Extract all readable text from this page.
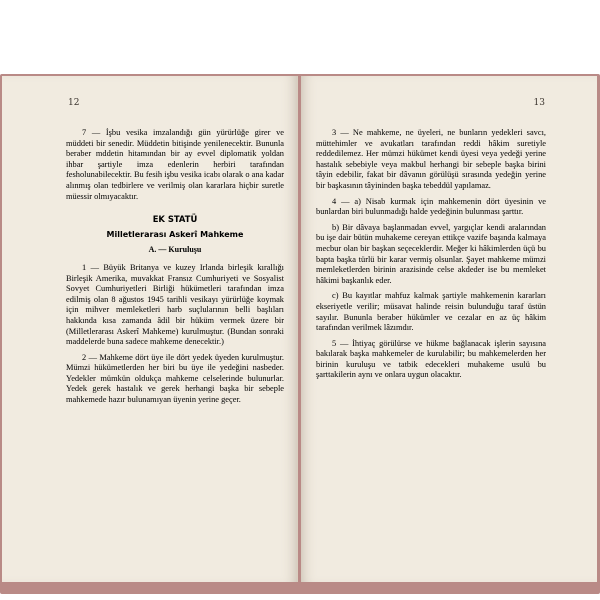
12	13

7 — İşbu vesika imzalandığı gün yürürlüğe girer ve müddeti bir senedir. Müddetin bitişinde yenilenecektir. Bununla beraber mddetin hitamından bir ay evvel diplomatik yoldan ihbar şartiyle imza edenlerin herbiri tarafından fesholunabilecektir. Bu fesih işbu vesika icabı olarak o ana kadar alınmış olan tedbirlere ve verilmiş olan kararlara hiçbir suretle müessir olmıyacaktır.

EK STATÜ
Milletlerarası Askerî Mahkeme
A. — Kuruluşu

1 — Büyük Britanya ve kuzey Irlanda birleşik kırallığı Birleşik Amerika, muvakkat Fransız Cumhuriyeti ve Sosyalist Sovyet Cumhuriyetleri Birliği hükümetleri tarafından imza edilmiş olan 8 ağustos 1945 tarihli vesikayı yürürlüğe koymak için mihver memleketleri harb suçlularının belli başlıları hakkında kısa zamanda âdil bir hüküm vermek üzere bir (Milletlerarası Askerî Mahkeme) kurulmuştur. (Bundan sonraki maddelerde buna sadece mahkeme denecektir.)

2 — Mahkeme dört üye ile dört yedek üyeden kurulmuştur. Mümzi hükümetlerden her biri bu üye ile yedeğini nasbeder. Yedekler mümkün oldukça mahkeme celselerinde bulunurlar. Yedek gerek hastalık ve gerek herhangi başka bir sebeple mahkemede hazır bulunamıyan üyenin yerine geçer.

3 — Ne mahkeme, ne üyeleri, ne bunların yedekleri savcı, müttehimler ve avukatları tarafından reddi hâkim suretiyle reddedilemez. Her mümzi hükümet kendi üyesi veya yedeği yerine hastalık sebebiyle veya makbul herhangi bir sebeple başka birini tâyin edebilir, fakat bir dâvanın görülüşü sırasında yedeğin yerine bir başkasının tâyininden başka tebeddül yapılamaz.

4 — a) Nisab kurmak için mahkemenin dört üyesinin ve bunlardan biri bulunmadığı halde yedeğinin bulunması şarttır.

b) Bir dâvaya başlanmadan evvel, yargıçlar kendi aralarından bu işe dair bütün muhakeme cereyan ettikçe vazife başında kalmaya mecbur olan bir başkan seçeceklerdir. Meğer ki hâkimlerden üçü bu bapta başka türlü bir karar vermiş olsunlar. Şayet mahkeme mümzi memleketlerden birinin arazisinde celse akdeder ise bu memleket hâkimi başkanlık eder.

c) Bu kayıtlar mahfuz kalmak şartiyle mahkemenin kararları ekseriyetle verilir; müsavat halinde reisin bulunduğu taraf üstün sayılır. Bununla beraber hükümler ve cezalar en az üç hâkim tarafından verilmek lâzımdır.

5 — İhtiyaç görülürse ve hükme bağlanacak işlerin sayısına bakılarak başka mahkemeler de kurulabilir; bu mahkemelerden her birinin kuruluşu ve tatbik edecekleri muhakeme usulü bu şarttakilerin aynı ve onlara uygun olacaktır.
